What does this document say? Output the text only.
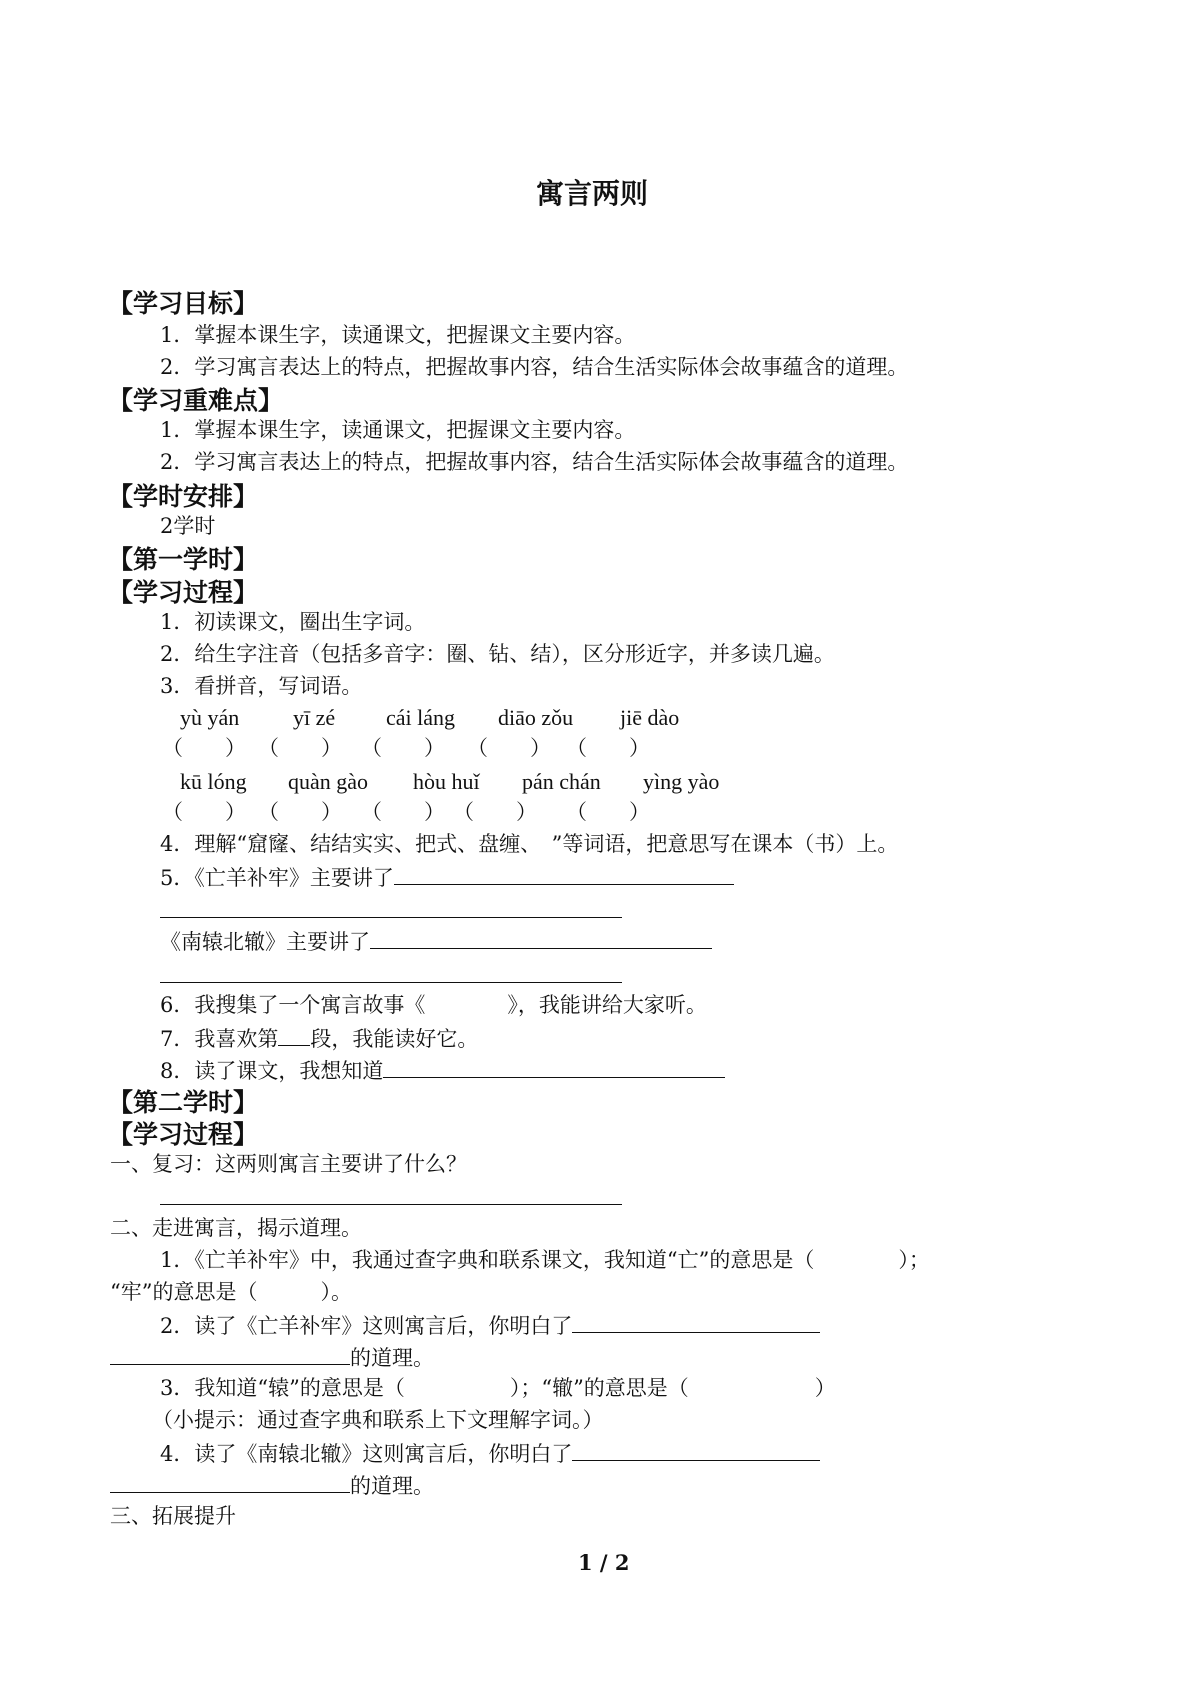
寓言两则
【学习目标】
1．掌握本课生字，读通课文，把握课文主要内容。
2．学习寓言表达上的特点，把握故事内容，结合生活实际体会故事蕴含的道理。
【学习重难点】
1．掌握本课生字，读通课文，把握课文主要内容。
2．学习寓言表达上的特点，把握故事内容，结合生活实际体会故事蕴含的道理。
【学时安排】
2学时
【第一学时】
【学习过程】
1．初读课文，圈出生字词。
2．给生字注音（包括多音字：圈、钻、结），区分形近字，并多读几遍。
3．看拼音，写词语。
yù yán yī zé cái láng diāo zǒu jiē dào
（　　） （　　） （　　） （　　） （　　）
kū lóng quàn gào hòu huǐ pán chán yìng yào
（　　） （　　） （　　） （　　） （　　）
4．理解“窟窿、结结实实、把式、盘缠、　”等词语，把意思写在课本（书）上。
5．《亡羊补牢》主要讲了
《南辕北辙》主要讲了
6．我搜集了一个寓言故事《	》，我能讲给大家听。
7．我喜欢第 段，我能读好它。
8．读了课文，我想知道
【第二学时】
【学习过程】
一、复习：这两则寓言主要讲了什么？
二、走进寓言，揭示道理。
1．《亡羊补牢》中，我通过查字典和联系课文，我知道“亡”的意思是（　　　　）；
“牢”的意思是（　　　）。
2．读了《亡羊补牢》这则寓言后，你明白了
的道理。
3．我知道“辕”的意思是（　　　　　）；“辙”的意思是（　　　　　　）
（小提示：通过查字典和联系上下文理解字词。）
4．读了《南辕北辙》这则寓言后，你明白了
的道理。
三、拓展提升
1 / 2
